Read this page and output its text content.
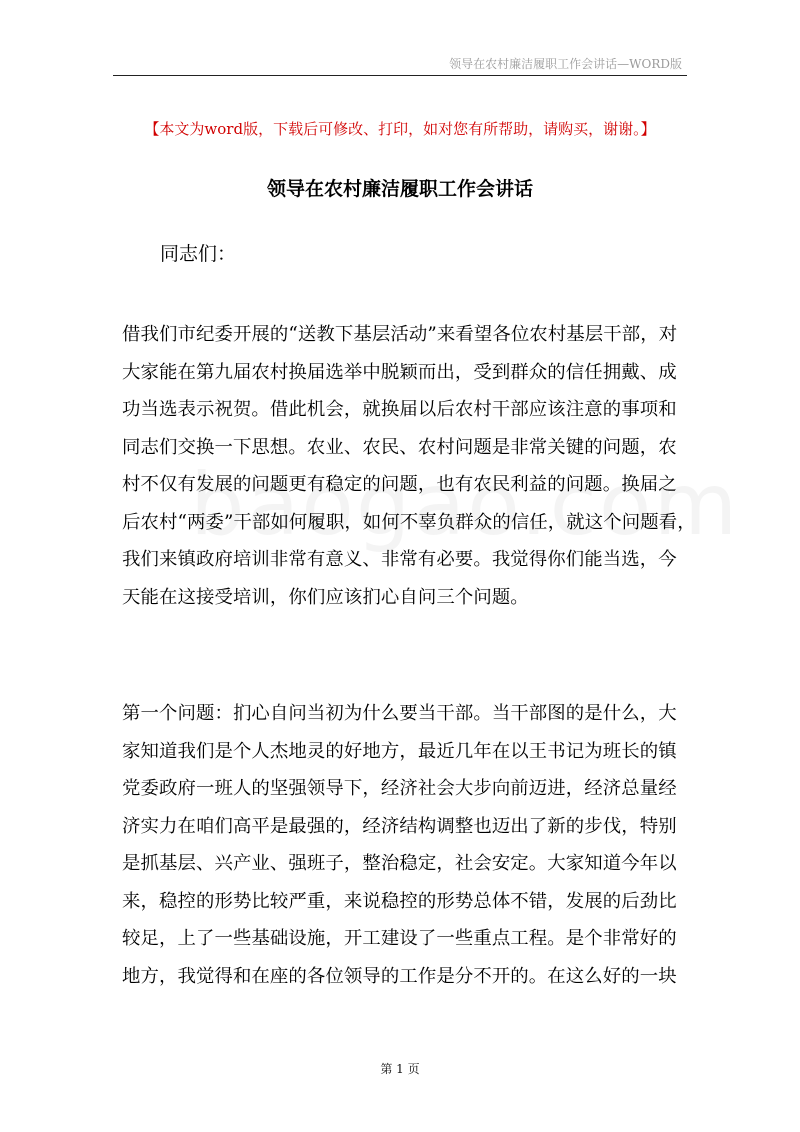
领导在农村廉洁履职工作会讲话—WORD版
【本文为word版，下载后可修改、打印，如对您有所帮助，请购买，谢谢。】
领导在农村廉洁履职工作会讲话
同志们：
借我们市纪委开展的“送教下基层活动”来看望各位农村基层干部，对
大家能在第九届农村换届选举中脱颖而出，受到群众的信任拥戴、成
功当选表示祝贺。借此机会，就换届以后农村干部应该注意的事项和
同志们交换一下思想。农业、农民、农村问题是非常关键的问题，农
村不仅有发展的问题更有稳定的问题，也有农民利益的问题。换届之
后农村“两委”干部如何履职，如何不辜负群众的信任，就这个问题看，
我们来镇政府培训非常有意义、非常有必要。我觉得你们能当选，今
天能在这接受培训，你们应该扪心自问三个问题。
第一个问题：扪心自问当初为什么要当干部。当干部图的是什么，大
家知道我们是个人杰地灵的好地方，最近几年在以王书记为班长的镇
党委政府一班人的坚强领导下，经济社会大步向前迈进，经济总量经
济实力在咱们高平是最强的，经济结构调整也迈出了新的步伐，特别
是抓基层、兴产业、强班子，整治稳定，社会安定。大家知道今年以
来，稳控的形势比较严重，来说稳控的形势总体不错，发展的后劲比
较足，上了一些基础设施，开工建设了一些重点工程。是个非常好的
地方，我觉得和在座的各位领导的工作是分不开的。在这么好的一块
第 1 页
